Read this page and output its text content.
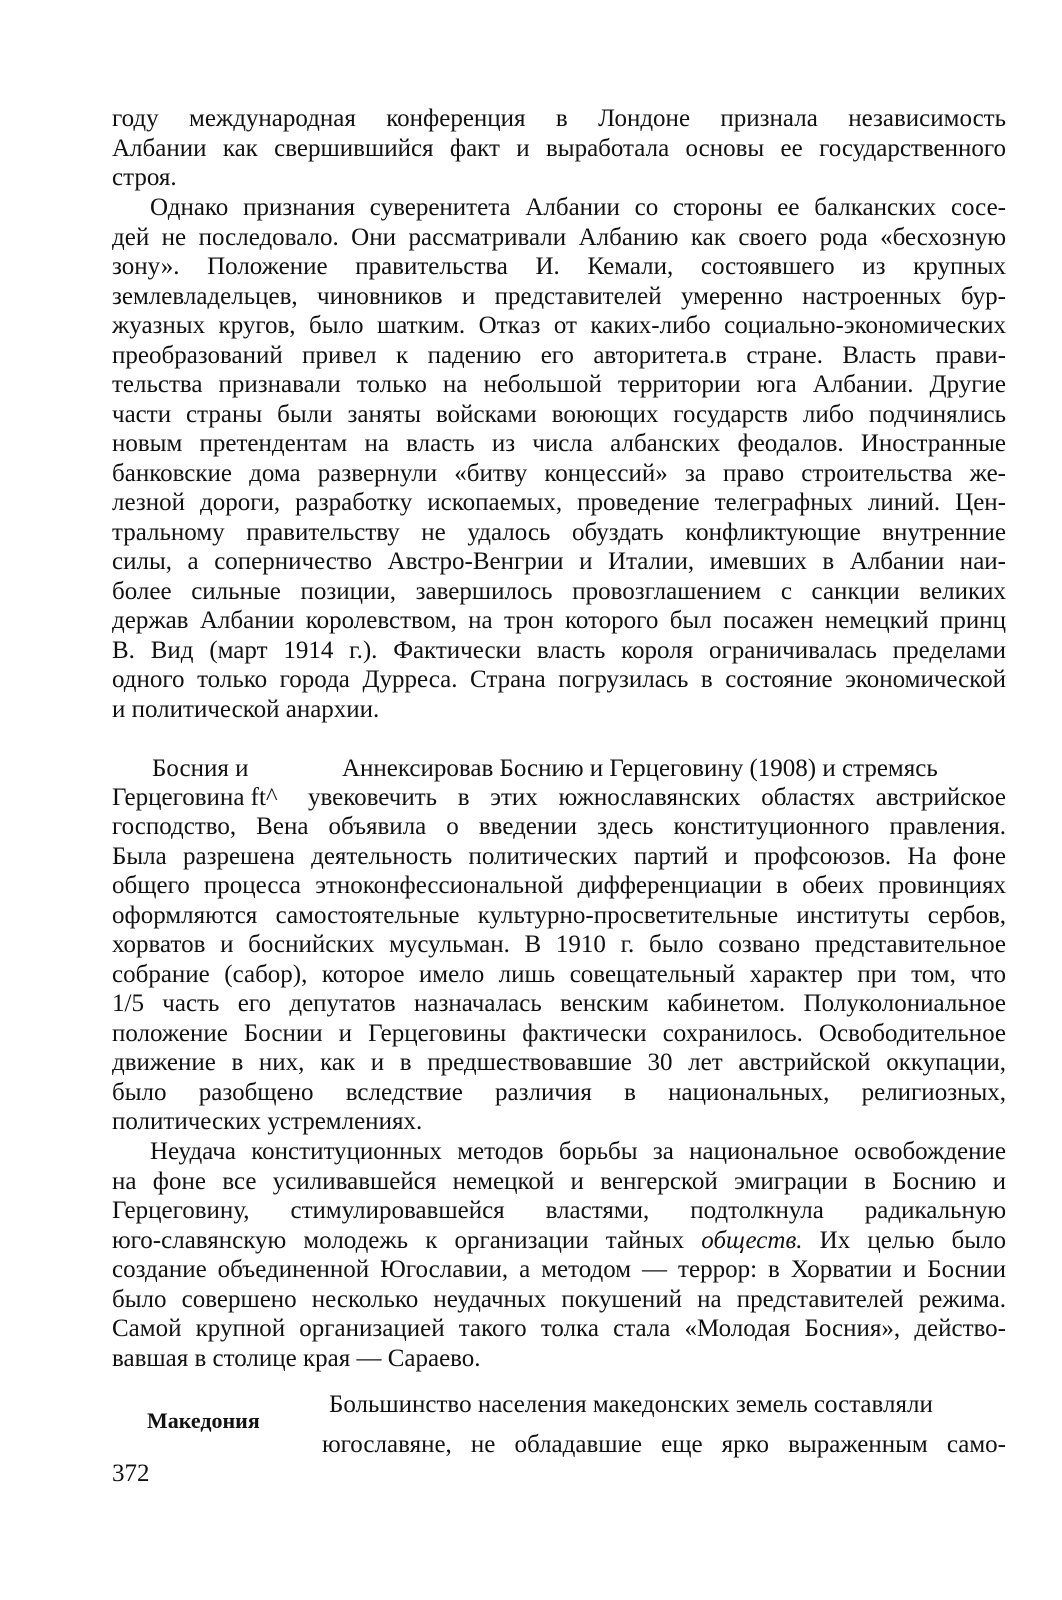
году международная конференция в Лондоне признала независимость
Албании как свершившийся факт и выработала основы ее государственного
строя.
Однако признания суверенитета Албании со стороны ее балканских сосе-
дей не последовало. Они рассматривали Албанию как своего рода «бесхозную
зону». Положение правительства И. Кемали, состоявшего из крупных
землевладельцев, чиновников и представителей умеренно настроенных бур-
жуазных кругов, было шатким. Отказ от каких-либо социально-экономических
преобразований привел к падению его авторитета.в стране. Власть прави-
тельства признавали только на небольшой территории юга Албании. Другие
части страны были заняты войсками воюющих государств либо подчинялись
новым претендентам на власть из числа албанских феодалов. Иностранные
банковские дома развернули «битву концессий» за право строительства же-
лезной дороги, разработку ископаемых, проведение телеграфных линий. Цен-
тральному правительству не удалось обуздать конфликтующие внутренние
силы, а соперничество Австро-Венгрии и Италии, имевших в Албании наи-
более сильные позиции, завершилось провозглашением с санкции великих
держав Албании королевством, на трон которого был посажен немецкий принц
В. Вид (март 1914 г.). Фактически власть короля ограничивалась пределами
одного только города Дурреса. Страна погрузилась в состояние экономической
и политической анархии.
Босния и	Аннексировав Боснию и Герцеговину (1908) и стремясь
Герцеговина ft^ увековечить в этих южнославянских областях австрийское
господство, Вена объявила о введении здесь конституционного правления.
Была разрешена деятельность политических партий и профсоюзов. На фоне
общего процесса этноконфессиональной дифференциации в обеих провинциях
оформляются самостоятельные культурно-просветительные институты сербов,
хорватов и боснийских мусульман. В 1910 г. было созвано представительное
собрание (сабор), которое имело лишь совещательный характер при том, что
1/5 часть его депутатов назначалась венским кабинетом. Полуколониальное
положение Боснии и Герцеговины фактически сохранилось. Освободительное
движение в них, как и в предшествовавшие 30 лет австрийской оккупации,
было разобщено вследствие различия в национальных, религиозных,
политических устремлениях.
Неудача конституционных методов борьбы за национальное освобождение
на фоне все усиливавшейся немецкой и венгерской эмиграции в Боснию и
Герцеговину, стимулировавшейся властями, подтолкнула радикальную
юго-славянскую молодежь к организации тайных обществ. Их целью было
создание объединенной Югославии, а методом — террор: в Хорватии и Боснии
было совершено несколько неудачных покушений на представителей режима.
Самой крупной организацией такого толка стала «Молодая Босния», действо-
вавшая в столице края — Сараево.
Македония
Большинство населения македонских земель составляли
югославяне, не обладавшие еще ярко выраженным само-
372
